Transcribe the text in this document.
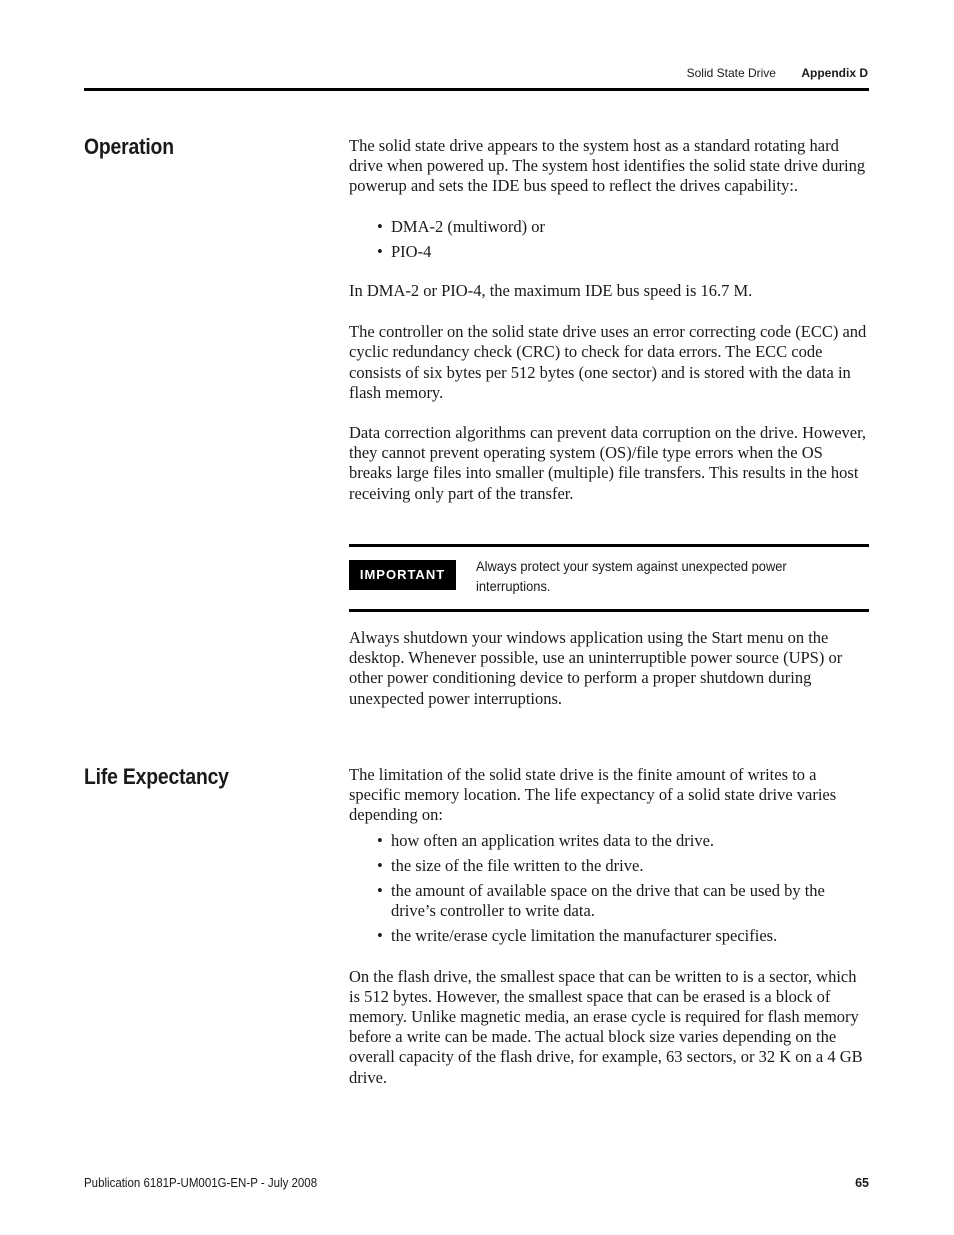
Solid State Drive Appendix D
Operation	The solid state drive appears to the system host as a standard rotating hard drive when powered up. The system host identifies the solid state drive during powerup and sets the IDE bus speed to reflect the drives capability:.

• DMA-2 (multiword) or
• PIO-4

In DMA-2 or PIO-4, the maximum IDE bus speed is 16.7 M.

The controller on the solid state drive uses an error correcting code (ECC) and cyclic redundancy check (CRC) to check for data errors. The ECC code consists of six bytes per 512 bytes (one sector) and is stored with the data in flash memory.

Data correction algorithms can prevent data corruption on the drive. However, they cannot prevent operating system (OS)/file type errors when the OS breaks large files into smaller (multiple) file transfers. This results in the host receiving only part of the transfer.

IMPORTANT
Always protect your system against unexpected power interruptions.

Always shutdown your windows application using the Start menu on the desktop. Whenever possible, use an uninterruptible power source (UPS) or other power conditioning device to perform a proper shutdown during unexpected power interruptions.

Life Expectancy	The limitation of the solid state drive is the finite amount of writes to a specific memory location. The life expectancy of a solid state drive varies depending on:

• how often an application writes data to the drive.
• the size of the file written to the drive.
• the amount of available space on the drive that can be used by the drive’s controller to write data.
• the write/erase cycle limitation the manufacturer specifies.

On the flash drive, the smallest space that can be written to is a sector, which is 512 bytes. However, the smallest space that can be erased is a block of memory. Unlike magnetic media, an erase cycle is required for flash memory before a write can be made. The actual block size varies depending on the overall capacity of the flash drive, for example, 63 sectors, or 32 K on a 4 GB drive.

Publication 6181P-UM001G-EN-P - July 2008	65
